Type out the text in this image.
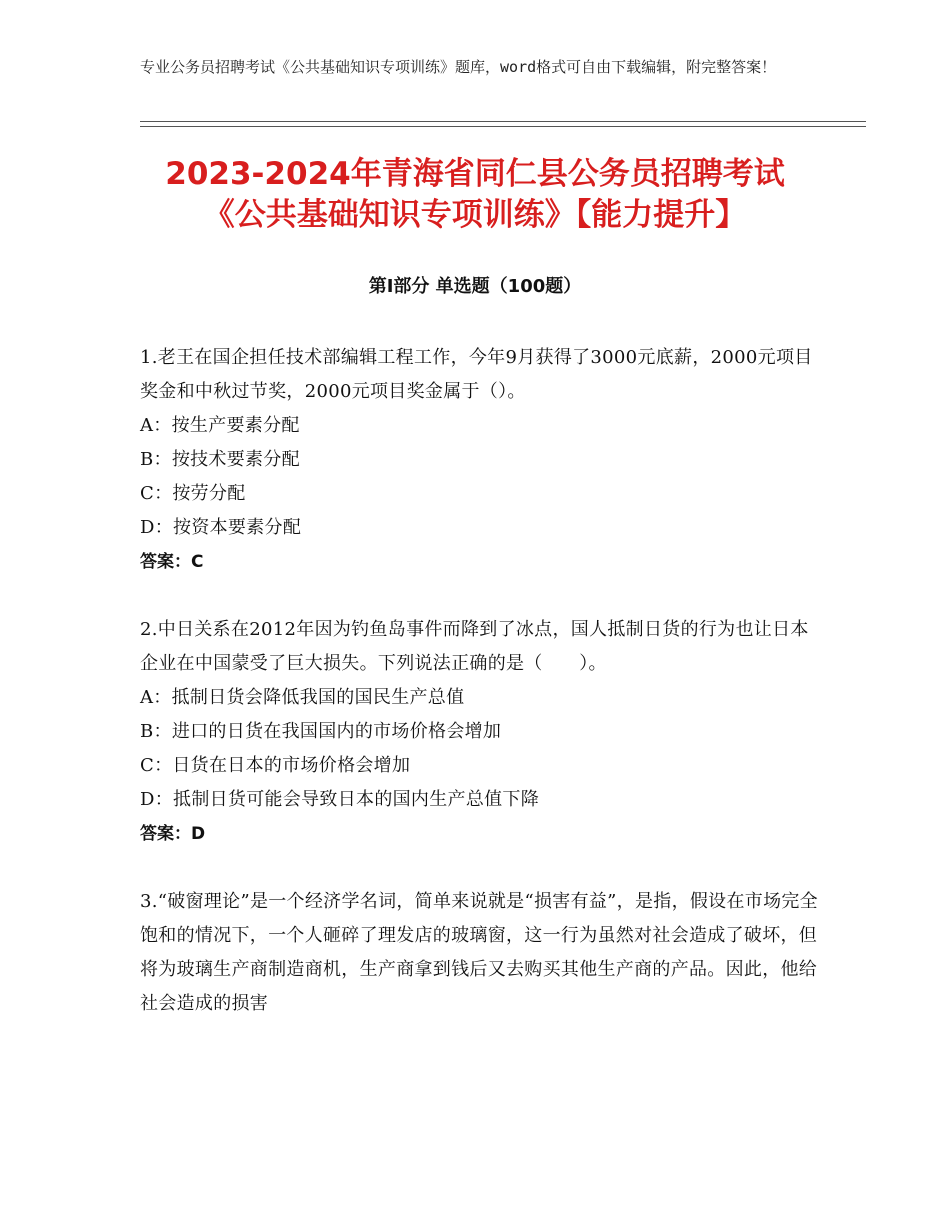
专业公务员招聘考试《公共基础知识专项训练》题库，word格式可自由下载编辑，附完整答案！
2023-2024年青海省同仁县公务员招聘考试
《公共基础知识专项训练》【能力提升】
第Ⅰ部分 单选题（100题）
1.老王在国企担任技术部编辑工程工作，今年9月获得了3000元底薪，2000元项目奖金和中秋过节奖，2000元项目奖金属于（）。
A：按生产要素分配
B：按技术要素分配
C：按劳分配
D：按资本要素分配
答案：C
2.中日关系在2012年因为钓鱼岛事件而降到了冰点，国人抵制日货的行为也让日本企业在中国蒙受了巨大损失。下列说法正确的是（　　）。
A：抵制日货会降低我国的国民生产总值
B：进口的日货在我国国内的市场价格会增加
C：日货在日本的市场价格会增加
D：抵制日货可能会导致日本的国内生产总值下降
答案：D
3.“破窗理论”是一个经济学名词，简单来说就是“损害有益”，是指，假设在市场完全饱和的情况下，一个人砸碎了理发店的玻璃窗，这一行为虽然对社会造成了破坏，但将为玻璃生产商制造商机，生产商拿到钱后又去购买其他生产商的产品。因此，他给社会造成的损害
